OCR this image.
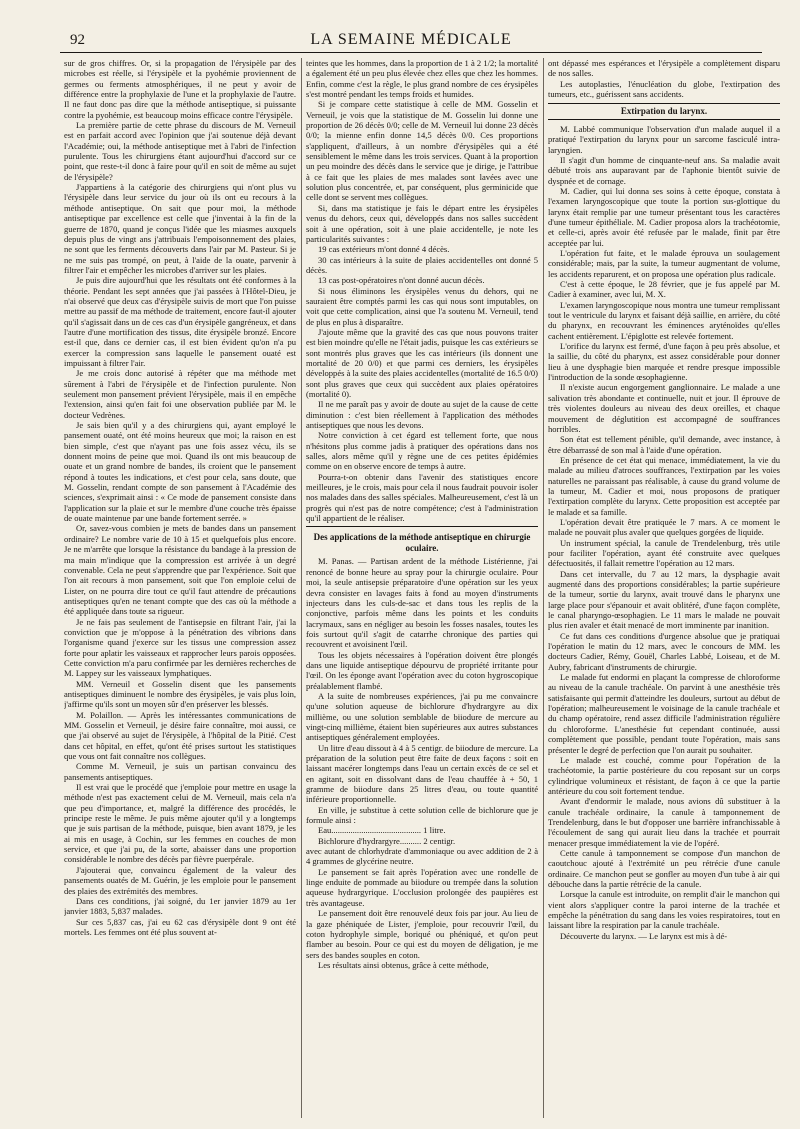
92	LA SEMAINE MÉDICALE

sur de gros chiffres. Or, si la propagation de l'érysipèle par des microbes est réelle, si l'érysipèle et la pyohémie proviennent de germes ou ferments atmosphériques, il ne peut y avoir de différence entre la prophylaxie de l'une et la prophylaxie de l'autre. Il ne faut donc pas dire que la méthode antiseptique, si puissante contre la pyohémie, est beaucoup moins efficace contre l'érysipèle.

La première partie de cette phrase du discours de M. Verneuil est en parfait accord avec l'opinion que j'ai soutenue déjà devant l'Académie; oui, la méthode antiseptique met à l'abri de l'infection purulente. Tous les chirurgiens étant aujourd'hui d'accord sur ce point, que reste-t-il donc à faire pour qu'il en soit de même au sujet de l'érysipèle?

J'appartiens à la catégorie des chirurgiens qui n'ont plus vu l'érysipèle dans leur service du jour où ils ont eu recours à la méthode antiseptique. On sait que pour moi, la méthode antiseptique par excellence est celle que j'inventai à la fin de la guerre de 1870, quand je conçus l'idée que les miasmes auxquels depuis plus de vingt ans j'attribuais l'empoisonnement des plaies, ne sont que les ferments découverts dans l'air par M. Pasteur. Si je ne me suis pas trompé, on peut, à l'aide de la ouate, parvenir à filtrer l'air et empêcher les microbes d'arriver sur les plaies.

Je puis dire aujourd'hui que les résultats ont été conformes à la théorie. Pendant les sept années que j'ai passées à l'Hôtel-Dieu, je n'ai observé que deux cas d'érysipèle suivis de mort que l'on puisse mettre au passif de ma méthode de traitement, encore faut-il ajouter qu'il s'agissait dans un de ces cas d'un érysipèle gangréneux, et dans l'autre d'une mortification des tissus, dite érysipèle bronzé. Encore est-il que, dans ce dernier cas, il est bien évident qu'on n'a pu exercer la compression sans laquelle le pansement ouaté est impuissant à filtrer l'air.

Je me crois donc autorisé à répéter que ma méthode met sûrement à l'abri de l'érysipèle et de l'infection purulente. Non seulement mon pansement prévient l'érysipèle, mais il en empêche l'extension, ainsi qu'en fait foi une observation publiée par M. le docteur Vedrènes.

Je sais bien qu'il y a des chirurgiens qui, ayant employé le pansement ouaté, ont été moins heureux que moi; la raison en est bien simple, c'est que n'ayant pas une fois assez vécu, ils se donnent moins de peine que moi. Quand ils ont mis beaucoup de ouate et un grand nombre de bandes, ils croient que le pansement répond à toutes les indications, et c'est pour cela, sans doute, que M. Gosselin, rendant compte de son pansement à l'Académie des sciences, s'exprimait ainsi : « Ce mode de pansement consiste dans l'application sur la plaie et sur le membre d'une couche très épaisse de ouate maintenue par une bande fortement serrée. »

Or, savez-vous combien je mets de bandes dans un pansement ordinaire? Le nombre varie de 10 à 15 et quelquefois plus encore. Je ne m'arrête que lorsque la résistance du bandage à la pression de ma main m'indique que la compression est arrivée à un degré convenable. Cela ne peut s'apprendre que par l'expérience. Soit que l'on ait recours à mon pansement, soit que l'on emploie celui de Lister, on ne pourra dire tout ce qu'il faut attendre de précautions antiseptiques qu'en ne tenant compte que des cas où la méthode a été appliquée dans toute sa rigueur.

Je ne fais pas seulement de l'antisepsie en filtrant l'air, j'ai la conviction que je m'oppose à la pénétration des vibrions dans l'organisme quand j'exerce sur les tissus une compression assez forte pour aplatir les vaisseaux et rapprocher leurs parois opposées. Cette conviction m'a paru confirmée par les dernières recherches de M. Lappey sur les vaisseaux lymphatiques.

MM. Verneuil et Gosselin disent que les pansements antiseptiques diminuent le nombre des érysipèles, je vais plus loin, j'affirme qu'ils sont un moyen sûr d'en préserver les blessés.

M. Polaillon. — Après les intéressantes communications de MM. Gosselin et Verneuil, je désire faire connaître, moi aussi, ce que j'ai observé au sujet de l'érysipèle, à l'hôpital de la Pitié. C'est dans cet hôpital, en effet, qu'ont été prises surtout les statistiques que vous ont fait connaître nos collègues.

Comme M. Verneuil, je suis un partisan convaincu des pansements antiseptiques.

Il est vrai que le procédé que j'emploie pour mettre en usage la méthode n'est pas exactement celui de M. Verneuil, mais cela n'a que peu d'importance, et, malgré la différence des procédés, le principe reste le même. Je puis même ajouter qu'il y a longtemps que je suis partisan de la méthode, puisque, bien avant 1879, je les ai mis en usage, à Cochin, sur les femmes en couches de mon service, et que j'ai pu, de la sorte, abaisser dans une proportion considérable le nombre des décès par fièvre puerpérale.

J'ajouterai que, convaincu également de la valeur des pansements ouatés de M. Guérin, je les emploie pour le pansement des plaies des extrémités des membres.

Dans ces conditions, j'ai soigné, du 1er janvier 1879 au 1er janvier 1883, 5,837 malades.

Sur ces 5,837 cas, j'ai eu 62 cas d'érysipèle dont 9 ont été mortels. Les femmes ont été plus souvent at-

teintes que les hommes, dans la proportion de 1 à 2 1/2; la mortalité a également été un peu plus élevée chez elles que chez les hommes. Enfin, comme c'est la règle, le plus grand nombre de ces érysipèles s'est montré pendant les temps froids et humides.

Si je compare cette statistique à celle de MM. Gosselin et Verneuil, je vois que la statistique de M. Gosselin lui donne une proportion de 26 décès 0/0; celle de M. Verneuil lui donne 23 décès 0/0; la mienne enfin donne 14,5 décès 0/0. Ces proportions s'appliquent, d'ailleurs, à un nombre d'érysipèles qui a été sensiblement le même dans les trois services. Quant à la proportion un peu moindre des décès dans le service que je dirige, je l'attribue à ce fait que les plaies de mes malades sont lavées avec une solution plus concentrée, et, par conséquent, plus germinicide que celle dont se servent mes collègues.

Si, dans ma statistique je fais le départ entre les érysipèles venus du dehors, ceux qui, développés dans nos salles succèdent soit à une opération, soit à une plaie accidentelle, je note les particularités suivantes :

19 cas extérieurs m'ont donné 4 décès.

30 cas intérieurs à la suite de plaies accidentelles ont donné 5 décès.

13 cas post-opératoires n'ont donné aucun décès.

Si nous éliminons les érysipèles venus du dehors, qui ne sauraient être comptés parmi les cas qui nous sont imputables, on voit que cette complication, ainsi que l'a soutenu M. Verneuil, tend de plus en plus à disparaître.

J'ajoute même que la gravité des cas que nous pouvons traiter est bien moindre qu'elle ne l'était jadis, puisque les cas extérieurs se sont montrés plus graves que les cas intérieurs (ils donnent une mortalité de 20 0/0) et que parmi ces derniers, les érysipèles développés à la suite des plaies accidentelles (mortalité de 16.5 0/0) sont plus graves que ceux qui succèdent aux plaies opératoires (mortalité 0).

Il ne me paraît pas y avoir de doute au sujet de la cause de cette diminution : c'est bien réellement à l'application des méthodes antiseptiques que nous les devons.

Notre conviction à cet égard est tellement forte, que nous n'hésitons plus comme jadis à pratiquer des opérations dans nos salles, alors même qu'il y règne une de ces petites épidémies comme on en observe encore de temps à autre.

Pourra-t-on obtenir dans l'avenir des statistiques encore meilleures, je le crois, mais pour cela il nous faudrait pouvoir isoler nos malades dans des salles spéciales. Malheureusement, c'est là un progrès qui n'est pas de notre compétence; c'est à l'administration qu'il appartient de le réaliser.

Des applications de la méthode antiseptique en chirurgie oculaire.

M. Panas. — Partisan ardent de la méthode Listérienne, j'ai renoncé de bonne heure au spray pour la chirurgie oculaire. Pour moi, la seule antisepsie préparatoire d'une opération sur les yeux devra consister en lavages faits à fond au moyen d'instruments injecteurs dans les culs-de-sac et dans tous les replis de la conjonctive, parfois même dans les points et les conduits lacrymaux, sans en négliger au besoin les fosses nasales, toutes les fois surtout qu'il s'agit de catarrhe chronique des parties qui recouvrent et avoisinent l'œil.

Tous les objets nécessaires à l'opération doivent être plongés dans une liquide antiseptique dépourvu de propriété irritante pour l'œil. On les éponge avant l'opération avec du coton hygroscopique préalablement flambé.

A la suite de nombreuses expériences, j'ai pu me convaincre qu'une solution aqueuse de bichlorure d'hydrargyre au dix millième, ou une solution semblable de biiodure de mercure au vingt-cinq millième, étaient bien supérieures aux autres substances antiseptiques généralement employées.

Un litre d'eau dissout à 4 à 5 centigr. de biiodure de mercure. La préparation de la solution peut être faite de deux façons : soit en laissant macérer longtemps dans l'eau un certain excès de ce sel et en agitant, soit en dissolvant dans de l'eau chauffée à + 50, 1 gramme de biiodure dans 25 litres d'eau, ou toute quantité inférieure proportionnelle.

En ville, je substitue à cette solution celle de bichlorure que je formule ainsi :

Eau.......................................... 1 litre.

Bichlorure d'hydrargyre.......... 2 centigr.

avec autant de chlorhydrate d'ammoniaque ou avec addition de 2 à 4 grammes de glycérine neutre.

Le pansement se fait après l'opération avec une rondelle de linge enduite de pommade au biiodure ou trempée dans la solution aqueuse hydrargyrique. L'occlusion prolongée des paupières est très avantageuse.

Le pansement doit être renouvelé deux fois par jour. Au lieu de la gaze phéniquée de Lister, j'emploie, pour recouvrir l'œil, du coton hydrophyle simple, boriqué ou phéniqué, et qu'on peut flamber au besoin. Pour ce qui est du moyen de déligation, je me sers des bandes souples en coton.

Les résultats ainsi obtenus, grâce à cette méthode,

ont dépassé mes espérances et l'érysipèle a complètement disparu de nos salles.

Les autoplasties, l'énucléation du globe, l'extirpation des tumeurs, etc., guérissent sans accidents.

Extirpation du larynx.

M. Labbé communique l'observation d'un malade auquel il a pratiqué l'extirpation du larynx pour un sarcome fasciculé intra-laryngien.

Il s'agit d'un homme de cinquante-neuf ans. Sa maladie avait débuté trois ans auparavant par de l'aphonie bientôt suivie de dyspnée et de cornage.

M. Cadier, qui lui donna ses soins à cette époque, constata à l'examen laryngoscopique que toute la portion sus-glottique du larynx était remplie par une tumeur présentant tous les caractères d'une tumeur épithéliale. M. Cadier proposa alors la trachéotomie, et celle-ci, après avoir été refusée par le malade, finit par être acceptée par lui.

L'opération fut faite, et le malade éprouva un soulagement considérable; mais, par la suite, la tumeur augmentant de volume, les accidents reparurent, et on proposa une opération plus radicale.

C'est à cette époque, le 28 février, que je fus appelé par M. Cadier à examiner, avec lui, M. X.

L'examen laryngoscopique nous montra une tumeur remplissant tout le ventricule du larynx et faisant déjà saillie, en arrière, du côté du pharynx, en recouvrant les éminences aryténoïdes qu'elles cachent entièrement. L'épiglotte est relevée fortement.

L'orifice du larynx est fermé, d'une façon à peu près absolue, et la saillie, du côté du pharynx, est assez considérable pour donner lieu à une dysphagie bien marquée et rendre presque impossible l'introduction de la sonde œsophagienne.

Il n'existe aucun engorgement ganglionnaire. Le malade a une salivation très abondante et continuelle, nuit et jour. Il éprouve de très violentes douleurs au niveau des deux oreilles, et chaque mouvement de déglutition est accompagné de souffrances horribles.

Son état est tellement pénible, qu'il demande, avec instance, à être débarrassé de son mal à l'aide d'une opération.

En présence de cet état qui menace, immédiatement, la vie du malade au milieu d'atroces souffrances, l'extirpation par les voies naturelles ne paraissant pas réalisable, à cause du grand volume de la tumeur, M. Cadier et moi, nous proposons de pratiquer l'extirpation complète du larynx. Cette proposition est acceptée par le malade et sa famille.

L'opération devait être pratiquée le 7 mars. A ce moment le malade ne pouvait plus avaler que quelques gorgées de liquide.

Un instrument spécial, la canule de Trendelenburg, très utile pour faciliter l'opération, ayant été construite avec quelques défectuosités, il fallait remettre l'opération au 12 mars.

Dans cet intervalle, du 7 au 12 mars, la dysphagie avait augmenté dans des proportions considérables; la partie supérieure de la tumeur, sortie du larynx, avait trouvé dans le pharynx une large place pour s'épanouir et avait oblitéré, d'une façon complète, le canal pharyngo-œsophagien. Le 11 mars le malade ne pouvait plus rien avaler et était menacé de mort imminente par inanition.

Ce fut dans ces conditions d'urgence absolue que je pratiquai l'opération le matin du 12 mars, avec le concours de MM. les docteurs Cadier, Rémy, Gouël, Charles Labbé, Loiseau, et de M. Aubry, fabricant d'instruments de chirurgie.

Le malade fut endormi en plaçant la compresse de chloroforme au niveau de la canule trachéale. On parvint à une anesthésie très satisfaisante qui permit d'atteindre les douleurs, surtout au début de l'opération; malheureusement le voisinage de la canule trachéale et du champ opératoire, rend assez difficile l'administration régulière du chloroforme. L'anesthésie fut cependant continuée, aussi complètement que possible, pendant toute l'opération, mais sans présenter le degré de perfection que l'on aurait pu souhaiter.

Le malade est couché, comme pour l'opération de la trachéotomie, la partie postérieure du cou reposant sur un corps cylindrique volumineux et résistant, de façon à ce que la partie antérieure du cou soit fortement tendue.

Avant d'endormir le malade, nous avions dû substituer à la canule trachéale ordinaire, la canule à tamponnement de Trendelenburg, dans le but d'opposer une barrière infranchissable à l'écoulement de sang qui aurait lieu dans la trachée et pourrait menacer presque immédiatement la vie de l'opéré.

Cette canule à tamponnement se compose d'un manchon de caoutchouc ajouté à l'extrémité un peu rétrécie d'une canule ordinaire. Ce manchon peut se gonfler au moyen d'un tube à air qui débouche dans la partie rétrécie de la canule.

Lorsque la canule est introduite, on remplit d'air le manchon qui vient alors s'appliquer contre la paroi interne de la trachée et empêche la pénétration du sang dans les voies respiratoires, tout en laissant libre la respiration par la canule trachéale.

Découverte du larynx. — Le larynx est mis à dé-
